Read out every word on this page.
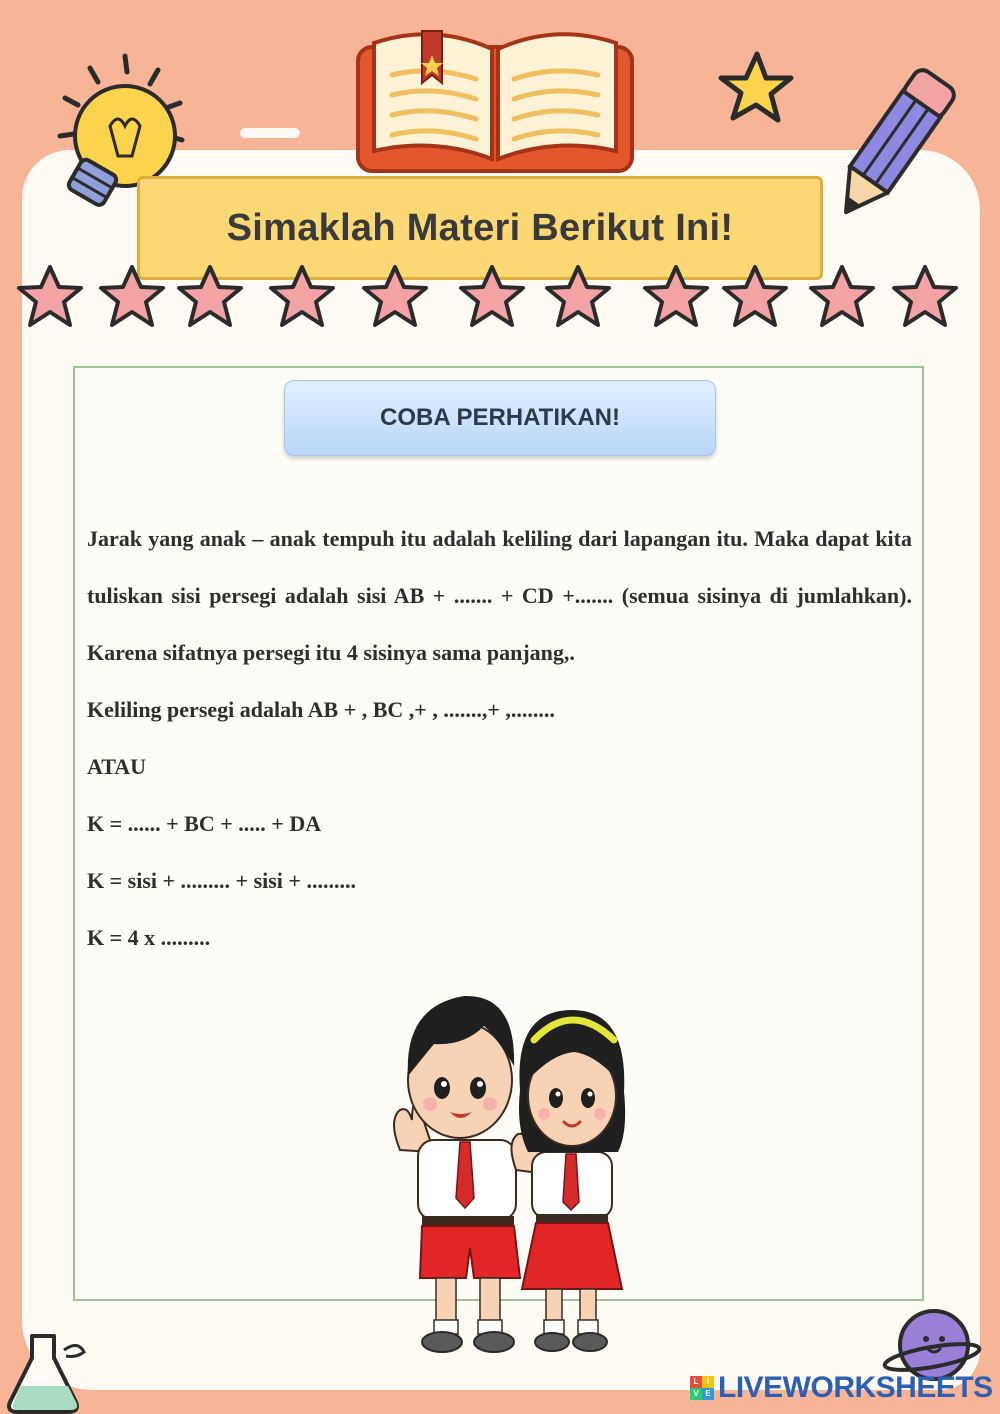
Simaklah Materi Berikut Ini!
COBA PERHATIKAN!

Jarak yang anak – anak tempuh itu adalah keliling dari lapangan itu. Maka dapat kita tuliskan sisi persegi adalah sisi AB + ....... + CD +....... (semua sisinya di jumlahkan). Karena sifatnya persegi itu 4 sisinya sama panjang,.

Keliling persegi adalah AB + , BC ,+ , .......,+ ,........

ATAU

K = ...... + BC + ..... + DA

K = sisi + ......... + sisi + .........

K = 4 x .........

L	I
V E LIVEWORKSHEETS
